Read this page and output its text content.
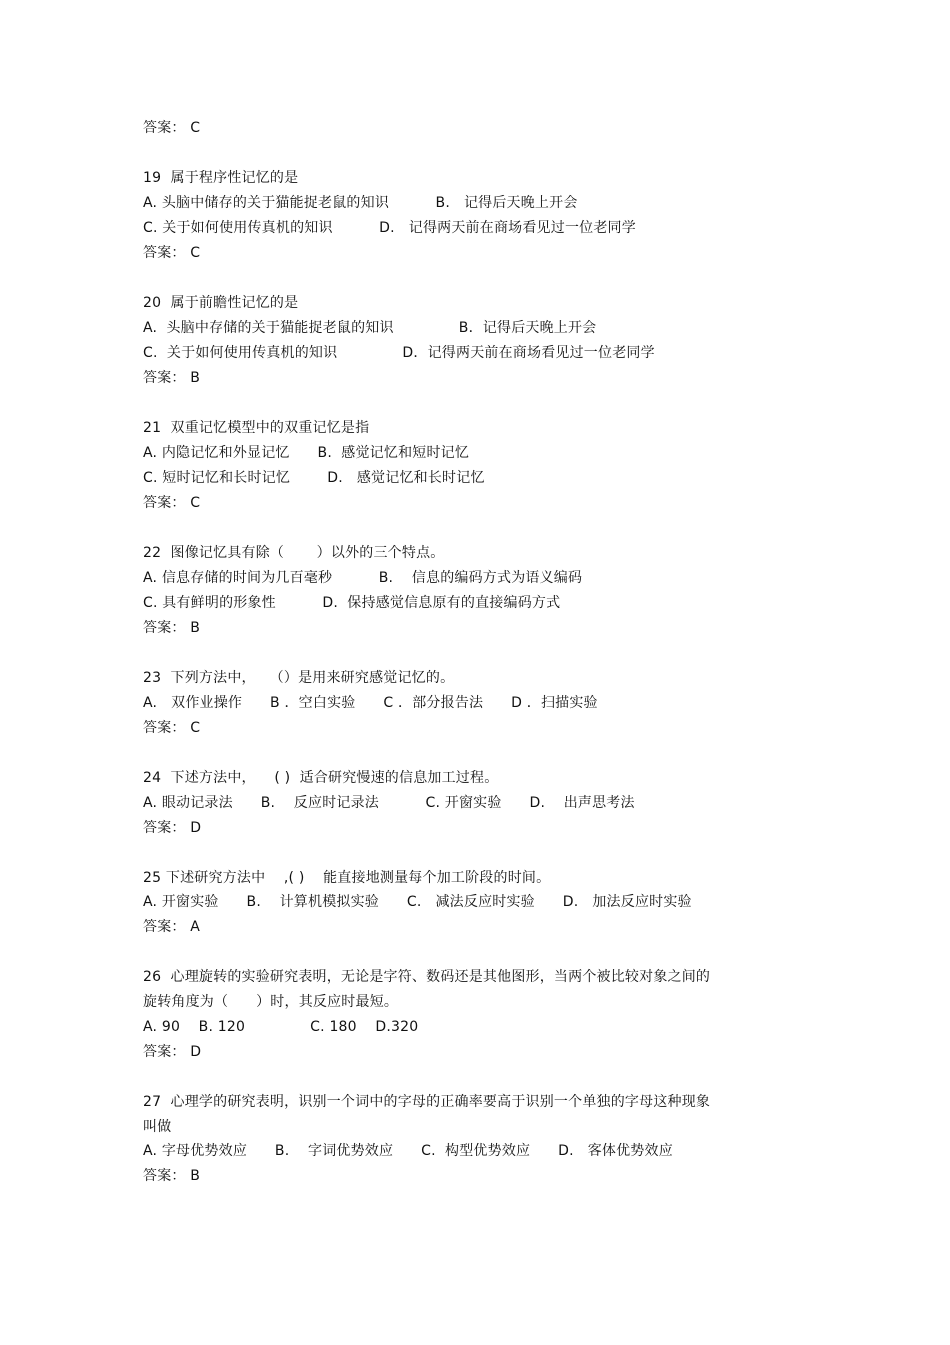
答案： C
19  属于程序性记忆的是
A. 头脑中储存的关于猫能捉老鼠的知识          B.   记得后天晚上开会
C. 关于如何使用传真机的知识          D.   记得两天前在商场看见过一位老同学
答案： C
20  属于前瞻性记忆的是
A.  头脑中存储的关于猫能捉老鼠的知识              B．记得后天晚上开会
C.  关于如何使用传真机的知识              D．记得两天前在商场看见过一位老同学
答案： B
21  双重记忆模型中的双重记忆是指
A. 内隐记忆和外显记忆      B.  感觉记忆和短时记忆
C. 短时记忆和长时记忆        D.   感觉记忆和长时记忆
答案： C
22  图像记忆具有除（       ）以外的三个特点。
A. 信息存储的时间为几百毫秒          B.    信息的编码方式为语义编码
C. 具有鲜明的形象性          D.  保持感觉信息原有的直接编码方式
答案： B
23  下列方法中，   （）是用来研究感觉记忆的。
A.   双作业操作      B ．空白实验      C ．部分报告法      D ．扫描实验
答案： C
24  下述方法中，    ( )  适合研究慢速的信息加工过程。
A. 眼动记录法      B.    反应时记录法          C. 开窗实验      D.    出声思考法
答案： D
25 下述研究方法中    ,( )    能直接地测量每个加工阶段的时间。
A. 开窗实验      B.    计算机模拟实验      C.   减法反应时实验      D.   加法反应时实验
答案： A
26  心理旋转的实验研究表明，无论是字符、数码还是其他图形，当两个被比较对象之间的
旋转角度为（      ）时，其反应时最短。
A. 90    B. 120              C. 180    D.320
答案： D
27  心理学的研究表明，识别一个词中的字母的正确率要高于识别一个单独的字母这种现象
叫做
A. 字母优势效应      B.    字词优势效应      C.  构型优势效应      D.   客体优势效应
答案： B
